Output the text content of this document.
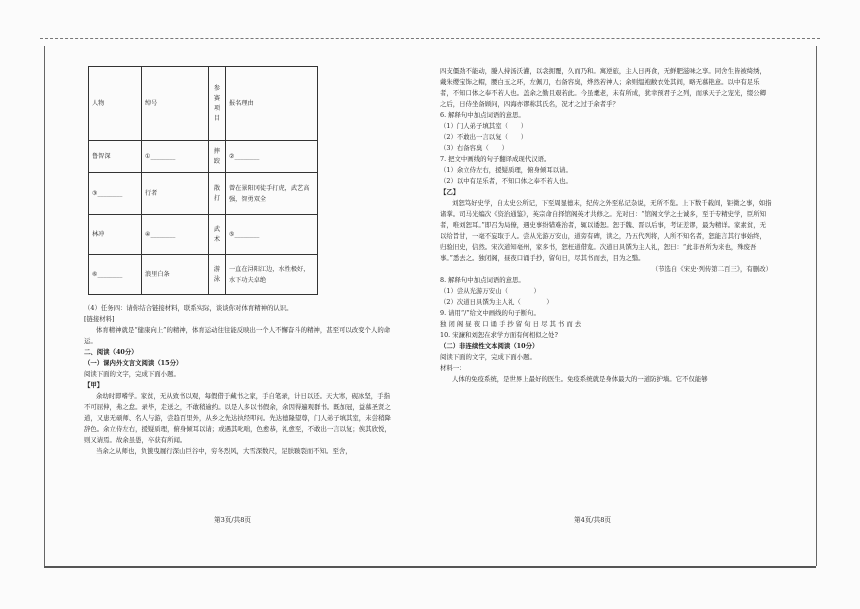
人物	绰号	参赛项目	报名理由
鲁智深	①________	摔跤	②________
③________	行者	散打	曾在景阳冈徒手打虎，武艺高强，智勇双全
林冲	④________	武术	⑤________
⑥________	浪里白条	游泳	一直在浔阳江边，水性极好，水下功夫卓绝

（4）任务四：请你结合链接材料，联系实际，谈谈你对体育精神的认识。

[链接材料]

体育精神就是“健康向上”的精神，体育运动往往能反映出一个人不懈奋斗的精神，甚至可以改变个人的命运。

二、阅读（40分）

（一）课内外文言文阅读（15分）

阅读下面的文字，完成下面小题。

【甲】

余幼时即嗜学。家贫，无从致书以观，每假借于藏书之家，手自笔录，计日以还。天大寒，砚冰坚，手指不可屈伸，弗之怠。录毕，走送之，不敢稍逾约。以是人多以书假余，余因得遍观群书。既加冠，益慕圣贤之道，又患无硕师、名人与游，尝趋百里外，从乡之先达执经叩问。先达德隆望尊，门人弟子填其室，未尝稍降辞色。余立侍左右，援疑质理，俯身倾耳以请；或遇其叱咄，色愈恭，礼愈至，不敢出一言以复；俟其欣悦，则又请焉。故余虽愚，卒获有所闻。

当余之从师也，负箧曳屣行深山巨谷中，穷冬烈风，大雪深数尺，足肤皲裂而不知。至舍，

第3页/共8页

四支僵劲不能动，媵人持汤沃灌，以衾拥覆，久而乃和。寓逆旅，主人日再食，无鲜肥滋味之享。同舍生皆被绮绣，戴朱缨宝饰之帽，腰白玉之环，左佩刀，右备容臭，烨然若神人；余则缊袍敝衣处其间，略无慕艳意。以中有足乐者，不知口体之奉不若人也。盖余之勤且艰若此。今虽耄老，未有所成，犹幸预君子之列，而承天子之宠光，缀公卿之后，日侍坐备顾问，四海亦谬称其氏名，况才之过于余者乎？

6. 解释句中加点词语的意思。

（1）门人弟子填其室（　　）

（2）不敢出一言以复（　　）

（3）右备容臭（　　）

7. 把文中画线的句子翻译成现代汉语。

（1）余立侍左右，援疑质理，俯身倾耳以请。

（2）以中有足乐者，不知口体之奉不若人也。

【乙】

刘恕笃好史学，自太史公所记，下至周显德末，纪传之外至私记杂说，无所不览。上下数千载间，钜微之事，如指诸掌。司马光编次《资治通鉴》，英宗命自择馆阁英才共修之。光对曰：“馆阁文学之士诚多，至于专精史学，臣所知者，唯刘恕耳。”即召为局僚，遇史事纷错难治者，辄以诿恕。恕于魏、晋以后事，考证差谬，最为精详。家素贫，无以给旨甘，一毫不妄取于人。尝从光游万安山，道旁有碑，读之，乃五代列将，人所不知名者，恕能言其行事始终，归验旧史，信然。宋次道知亳州，家多书，恕枉道借览。次道日具馔为主人礼，恕曰：“此非吾所为来也，殊废吾事。”悉去之。独闭阁，昼夜口诵手抄，留旬日，尽其书而去，目为之翳。

（节选自《宋史·列传第二百三》，有删改）

8. 解释句中加点词语的意思。

（1）尝从光游万安山（　　　　）

（2）次道日具馔为主人礼（　　　　）

9. 请用“/”给文中画线的句子断句。

独 闭 阁 昼 夜 口 诵 手 抄 留 旬 日 尽 其 书 而 去

10. 宋濂和刘恕在求学方面有何相似之处?

（二）非连续性文本阅读（10分）

阅读下面的文字，完成下面小题。

材料一：

人体的免疫系统，是世界上最好的医生。免疫系统就是身体最大的一道防护墙。它不仅能够

第4页/共8页
